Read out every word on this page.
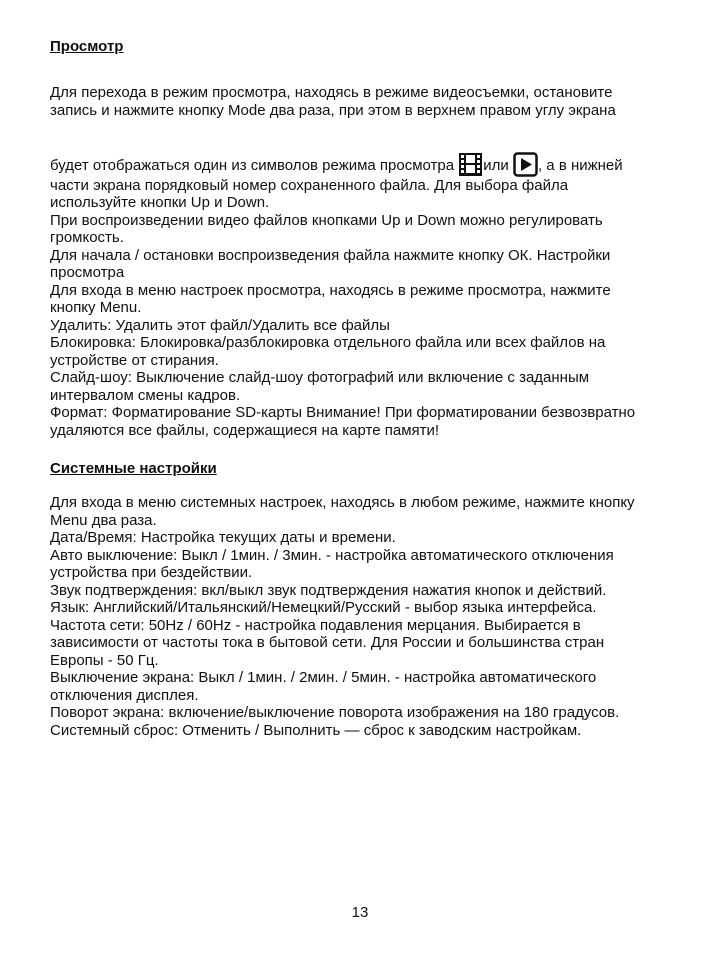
Просмотр

Для перехода в режим просмотра, находясь в режиме видеосъемки, остановите
запись и нажмите кнопку Mode два раза, при этом в верхнем правом углу экрана

будет отображаться один из символов режима просмотра
или
, а в нижней

части экрана порядковый номер сохраненного файла. Для выбора файла
используйте кнопки Up и Down.
При воспроизведении видео файлов кнопками Up и Down можно регулировать
громкость.
Для начала / остановки воспроизведения файла нажмите кнопку ОК. Настройки
просмотра
Для входа в меню настроек просмотра, находясь в режиме просмотра, нажмите
кнопку Menu.
Удалить: Удалить этот файл/Удалить все файлы
Блокировка: Блокировка/разблокировка отдельного файла или всех файлов на
устройстве от стирания.
Слайд-шоу: Выключение слайд-шоу фотографий или включение с заданным
интервалом смены кадров.
Формат: Форматирование SD-карты Внимание! При форматировании безвозвратно
удаляются все файлы, содержащиеся на карте памяти!

Системные настройки

Для входа в меню системных настроек, находясь в любом режиме, нажмите кнопку
Menu два раза.
Дата/Время: Настройка текущих даты и времени.
Авто выключение: Выкл / 1мин. / 3мин. - настройка автоматического отключения
устройства при бездействии.
Звук подтверждения: вкл/выкл звук подтверждения нажатия кнопок и действий.
Язык: Английский/Итальянский/Немецкий/Русский - выбор языка интерфейса.
Частота сети: 50Hz / 60Hz - настройка подавления мерцания. Выбирается в
зависимости от частоты тока в бытовой сети. Для России и большинства стран
Европы - 50 Гц.
Выключение экрана: Выкл / 1мин. / 2мин. / 5мин. - настройка автоматического
отключения дисплея.
Поворот экрана: включение/выключение поворота изображения на 180 градусов.
Системный сброс: Отменить / Выполнить — сброс к заводским настройкам.

13
